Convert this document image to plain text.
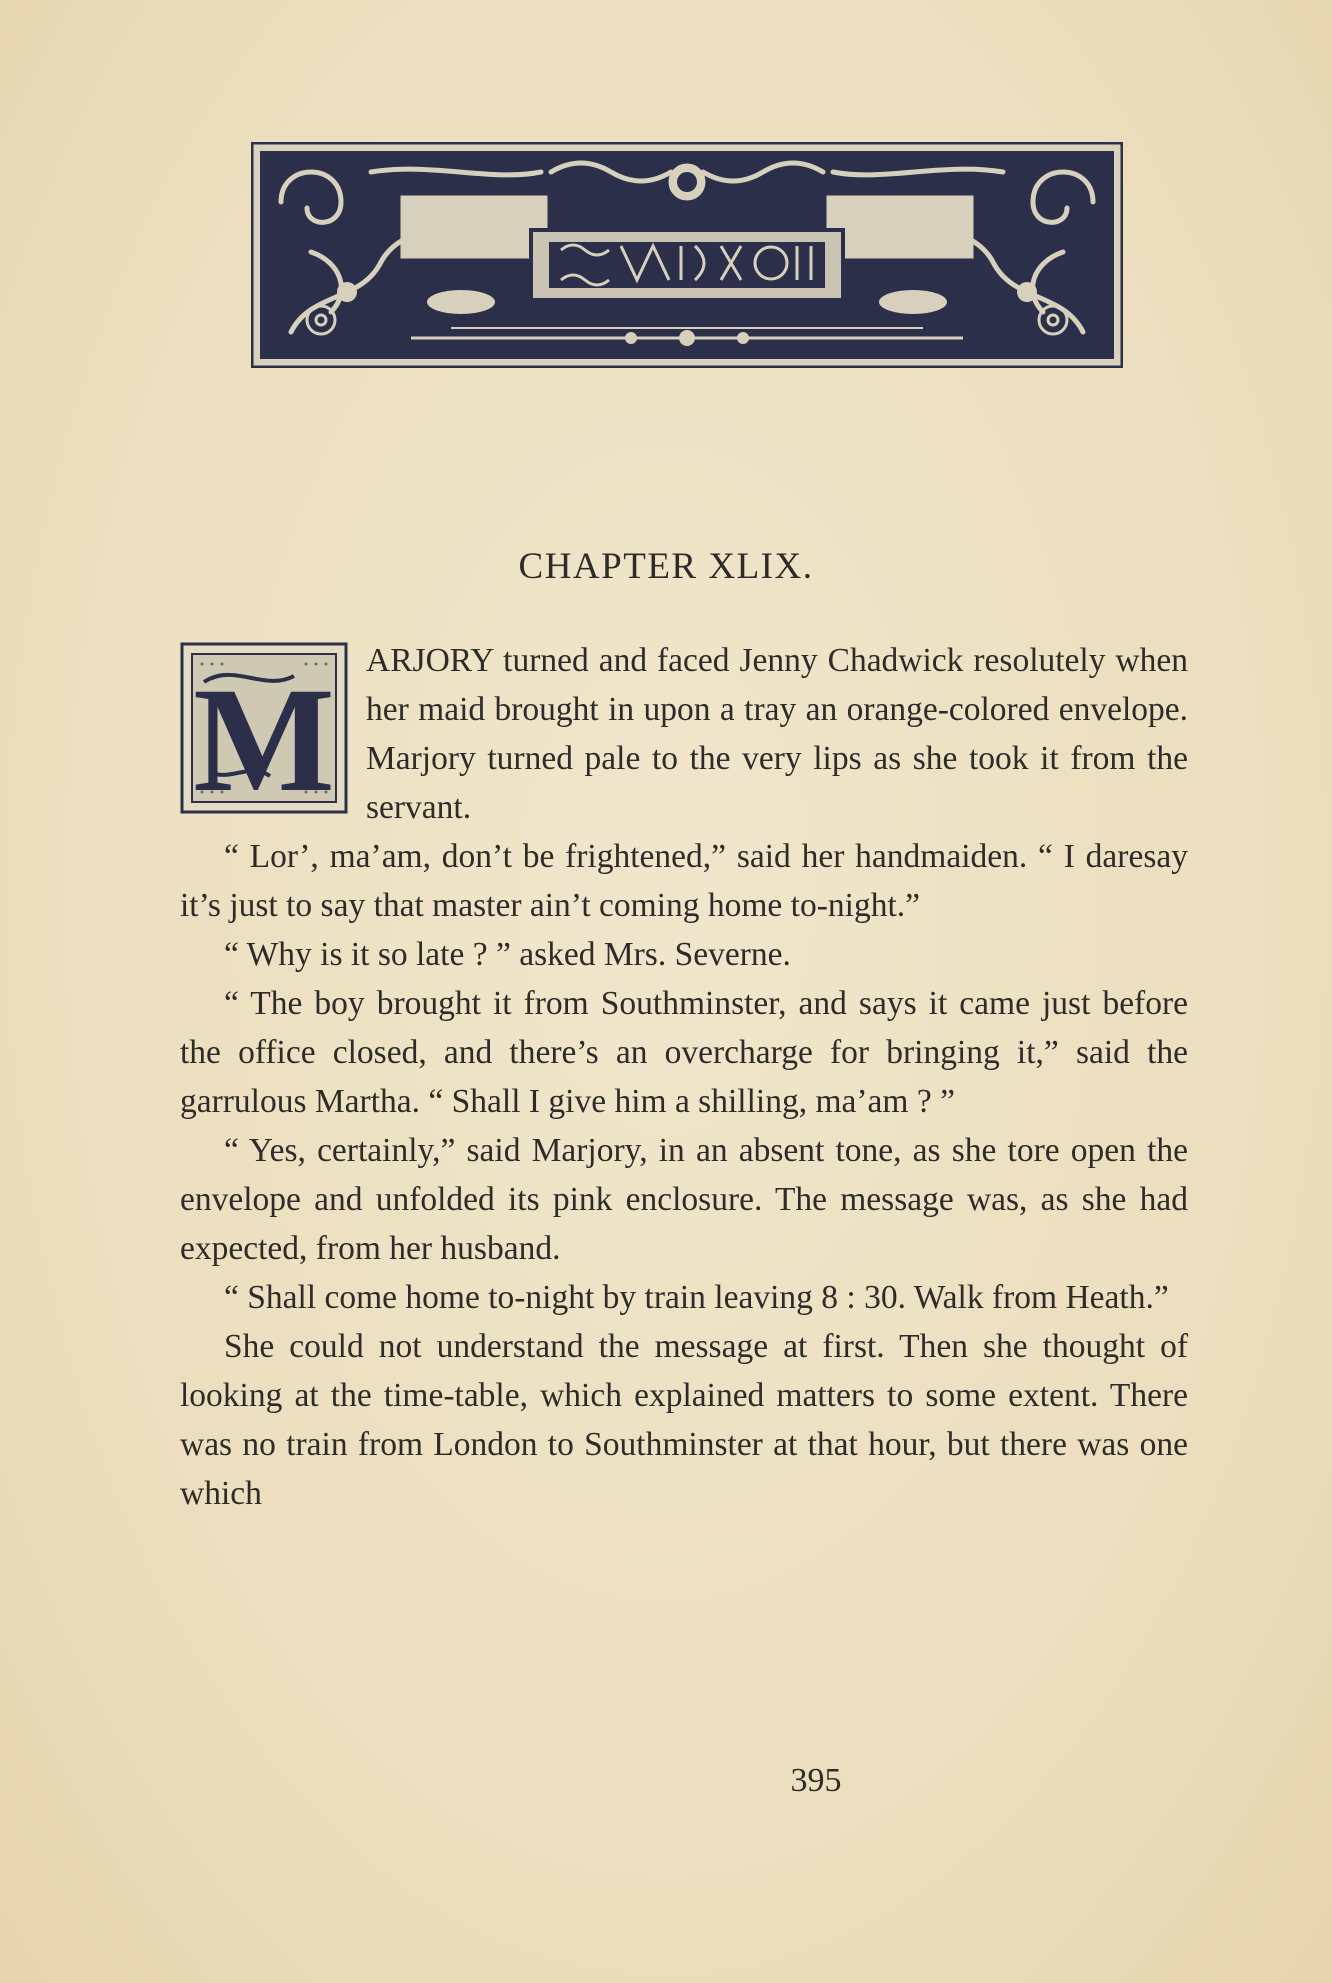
CHAPTER XLIX.
M ARJORY turned and faced Jenny Chadwick resolutely when her maid brought in upon a tray an orange-colored envelope. Marjory turned pale to the very lips as she took it from the servant.

“ Lor’, ma’am, don’t be frightened,” said her handmaiden. “ I daresay it’s just to say that master ain’t coming home to-night.”

“ Why is it so late ? ” asked Mrs. Severne.

“ The boy brought it from Southminster, and says it came just before the office closed, and there’s an overcharge for bringing it,” said the garrulous Martha. “ Shall I give him a shilling, ma’am ? ”

“ Yes, certainly,” said Marjory, in an absent tone, as she tore open the envelope and unfolded its pink enclosure. The message was, as she had expected, from her husband.

“ Shall come home to-night by train leaving 8 : 30. Walk from Heath.”

She could not understand the message at first. Then she thought of looking at the time-table, which explained matters to some extent. There was no train from London to Southminster at that hour, but there was one which

395
